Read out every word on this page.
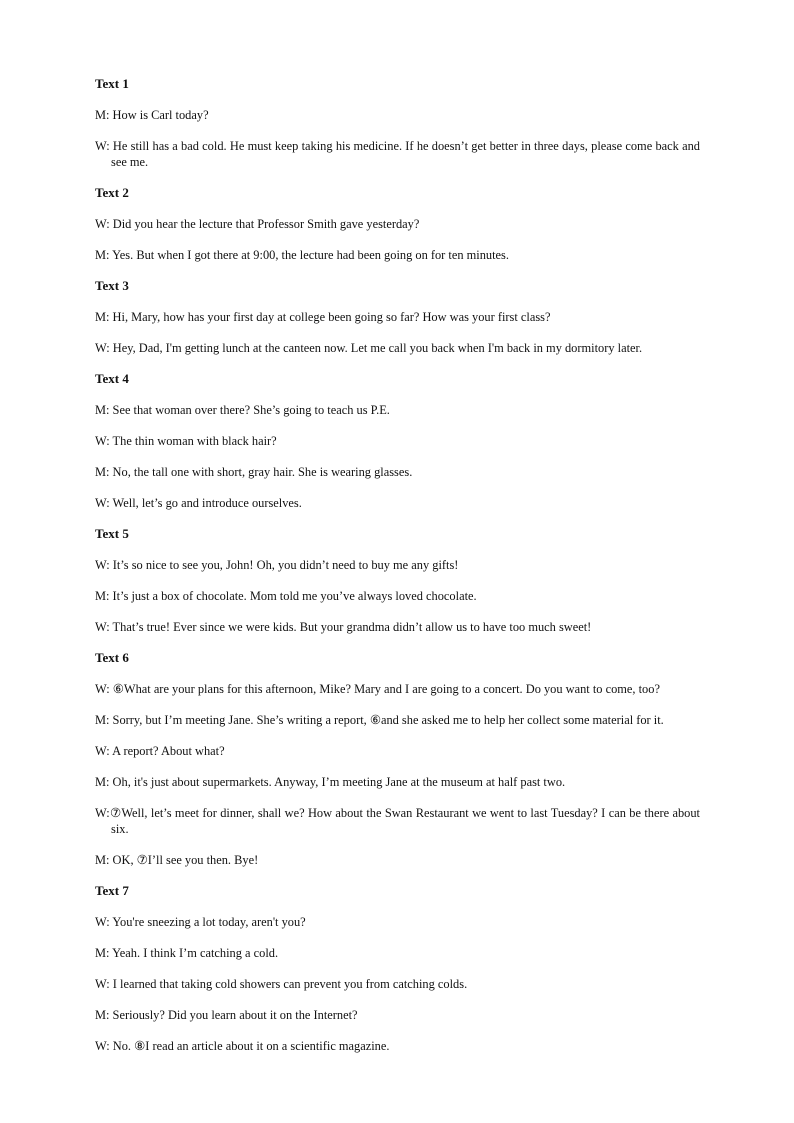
Text 1

M: How is Carl today?

W: He still has a bad cold. He must keep taking his medicine. If he doesn’t get better in three days, please come back and see me.

Text 2

W: Did you hear the lecture that Professor Smith gave yesterday?

M: Yes. But when I got there at 9:00, the lecture had been going on for ten minutes.

Text 3

M: Hi, Mary, how has your first day at college been going so far? How was your first class?

W: Hey, Dad, I'm getting lunch at the canteen now. Let me call you back when I'm back in my dormitory later.

Text 4

M: See that woman over there? She’s going to teach us P.E.

W: The thin woman with black hair?

M: No, the tall one with short, gray hair. She is wearing glasses.

W: Well, let’s go and introduce ourselves.

Text 5

W: It’s so nice to see you, John! Oh, you didn’t need to buy me any gifts!

M: It’s just a box of chocolate. Mom told me you’ve always loved chocolate.

W: That’s true! Ever since we were kids. But your grandma didn’t allow us to have too much sweet!

Text 6

W: ⑥What are your plans for this afternoon, Mike? Mary and I are going to a concert. Do you want to come, too?

M: Sorry, but I’m meeting Jane. She’s writing a report, ⑥and she asked me to help her collect some material for it.

W: A report? About what?

M: Oh, it's just about supermarkets. Anyway, I’m meeting Jane at the museum at half past two.

W:⑦Well, let’s meet for dinner, shall we? How about the Swan Restaurant we went to last Tuesday? I can be there about six.

M: OK, ⑦I’ll see you then. Bye!

Text 7

W: You're sneezing a lot today, aren't you?

M: Yeah. I think I’m catching a cold.

W: I learned that taking cold showers can prevent you from catching colds.

M: Seriously? Did you learn about it on the Internet?

W: No. ⑧I read an article about it on a scientific magazine.
